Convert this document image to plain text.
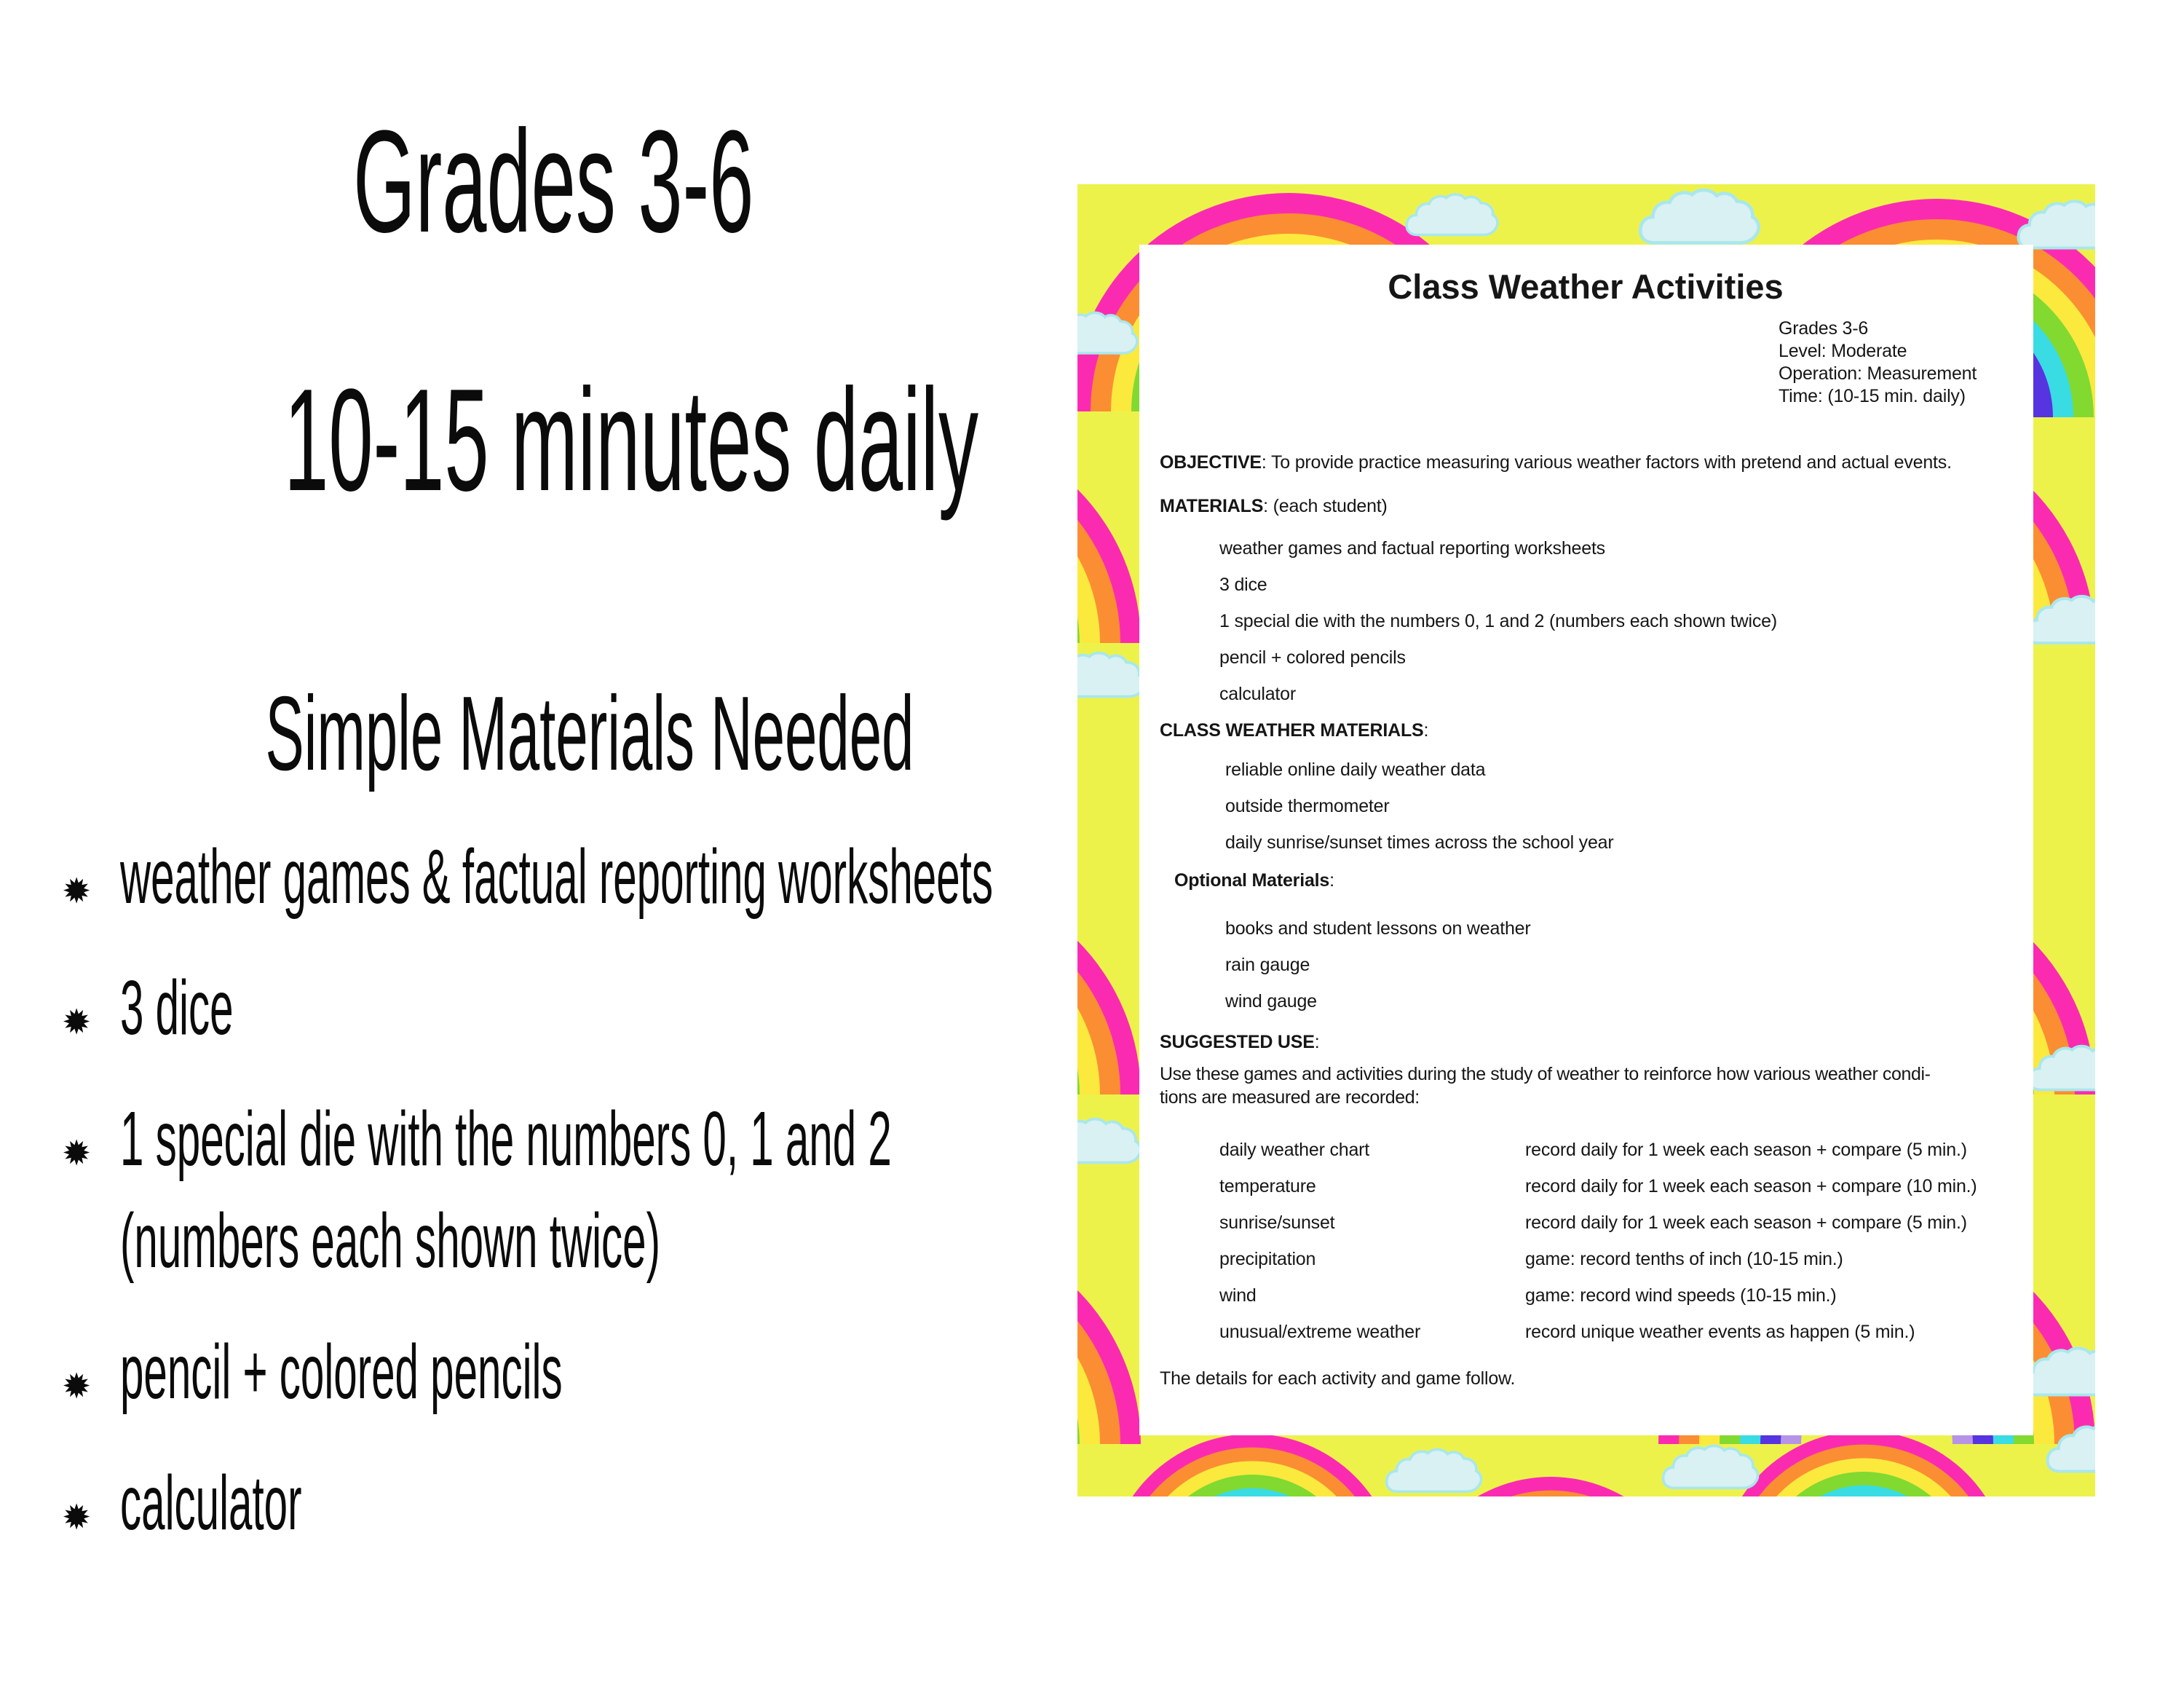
Grades 3-6
10-15 minutes daily
Simple Materials Needed
✹ weather games & factual reporting worksheets
✹ 3 dice
✹ 1 special die with the numbers 0, 1 and 2
(numbers each shown twice)
✹ pencil + colored pencils
✹ calculator
Class Weather Activities
Grades 3-6
Level: Moderate
Operation: Measurement
Time: (10-15 min. daily)

OBJECTIVE: To provide practice measuring various weather factors with pretend and actual events.

MATERIALS: (each student)

weather games and factual reporting worksheets
3 dice
1 special die with the numbers 0, 1 and 2 (numbers each shown twice)
pencil + colored pencils
calculator

CLASS WEATHER MATERIALS:

reliable online daily weather data
outside thermometer
daily sunrise/sunset times across the school year

Optional Materials:

books and student lessons on weather
rain gauge
wind gauge

SUGGESTED USE:

Use these games and activities during the study of weather to reinforce how various weather condi-
tions are measured are recorded:

daily weather chart	record daily for 1 week each season + compare (5 min.)
temperature	record daily for 1 week each season + compare (10 min.)
sunrise/sunset	record daily for 1 week each season + compare (5 min.)
precipitation	game: record tenths of inch (10-15 min.)
wind	game: record wind speeds (10-15 min.)
unusual/extreme weather	record unique weather events as happen (5 min.)

The details for each activity and game follow.
